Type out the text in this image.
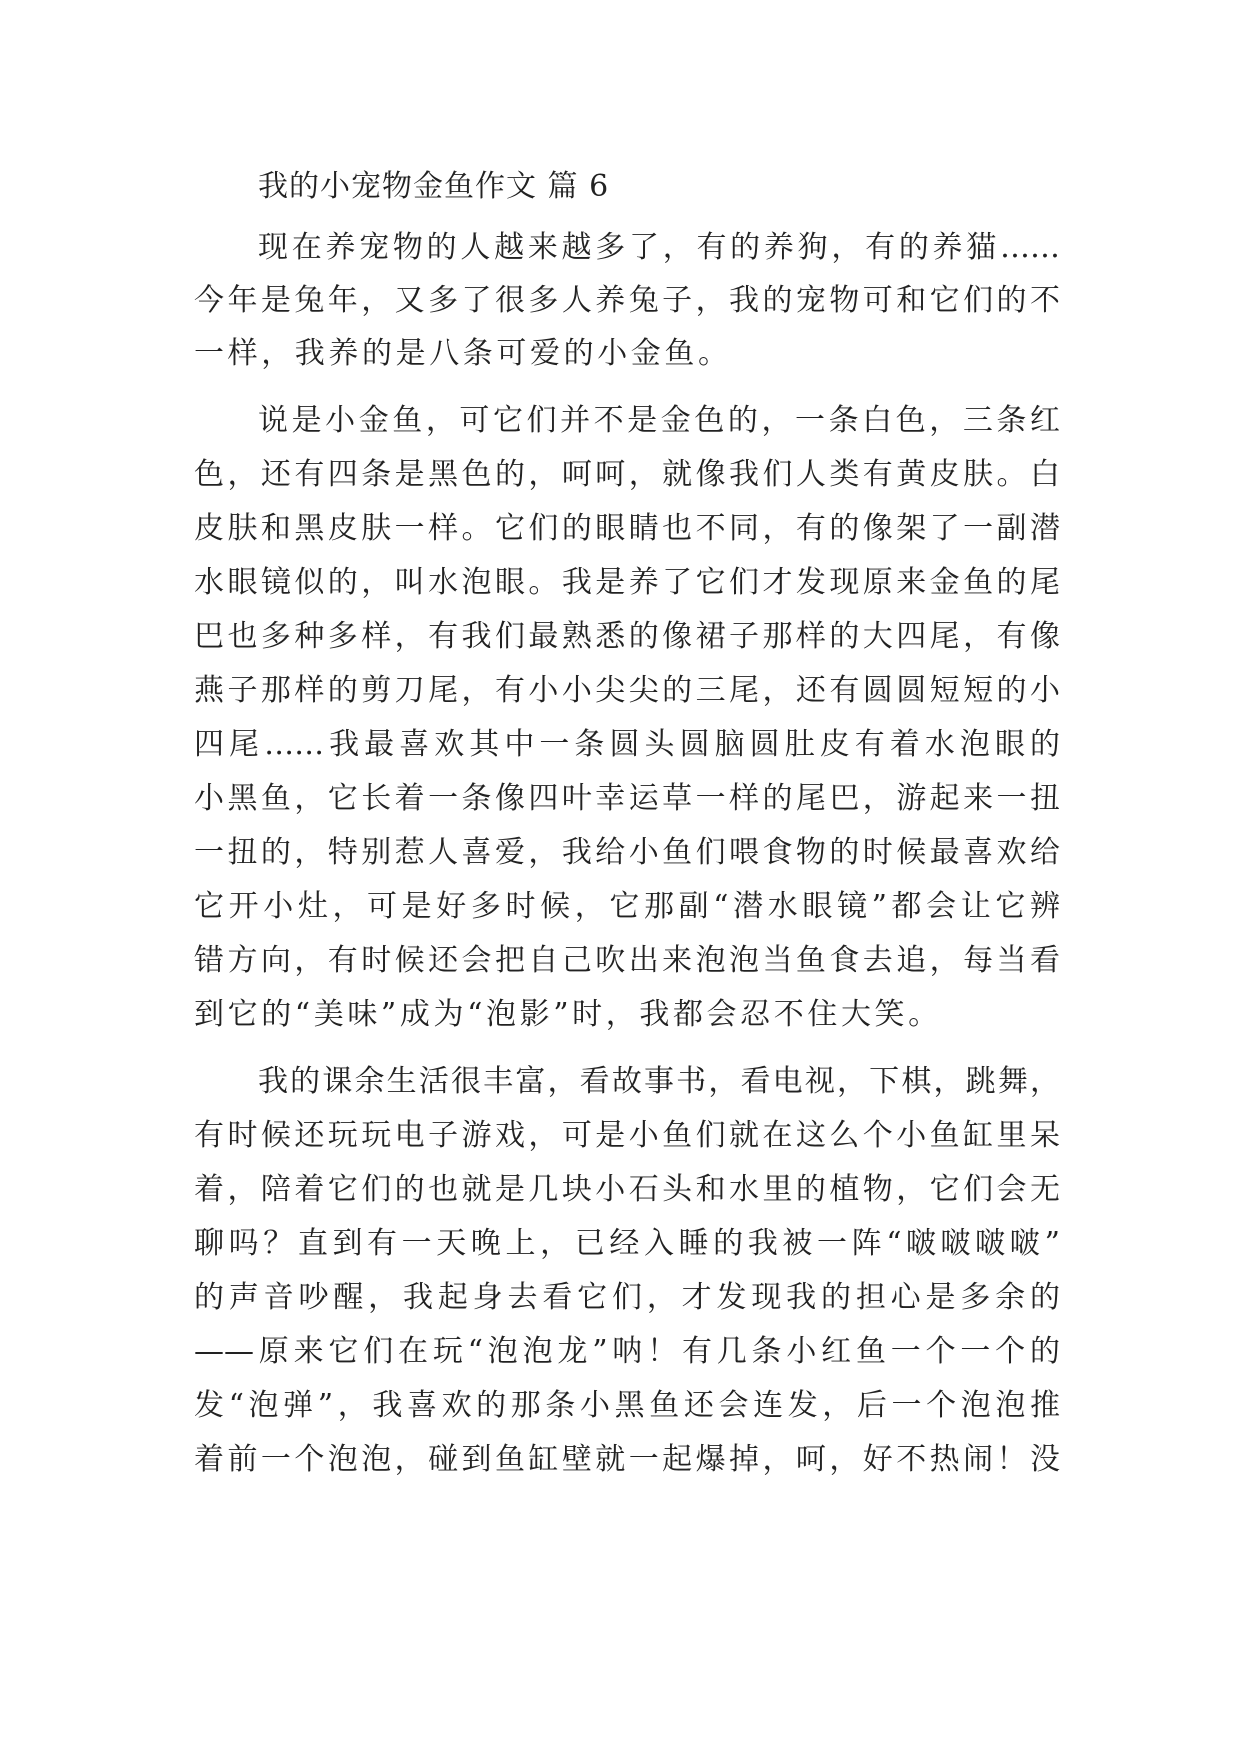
我的小宠物金鱼作文 篇 6
现在养宠物的人越来越多了，有的养狗，有的养猫……
今年是兔年，又多了很多人养兔子，我的宠物可和它们的不
一样，我养的是八条可爱的小金鱼。
说是小金鱼，可它们并不是金色的，一条白色，三条红
色，还有四条是黑色的，呵呵，就像我们人类有黄皮肤。白
皮肤和黑皮肤一样。它们的眼睛也不同，有的像架了一副潜
水眼镜似的，叫水泡眼。我是养了它们才发现原来金鱼的尾
巴也多种多样，有我们最熟悉的像裙子那样的大四尾，有像
燕子那样的剪刀尾，有小小尖尖的三尾，还有圆圆短短的小
四尾……我最喜欢其中一条圆头圆脑圆肚皮有着水泡眼的
小黑鱼，它长着一条像四叶幸运草一样的尾巴，游起来一扭
一扭的，特别惹人喜爱，我给小鱼们喂食物的时候最喜欢给
它开小灶，可是好多时候，它那副“潜水眼镜”都会让它辨
错方向，有时候还会把自己吹出来泡泡当鱼食去追，每当看
到它的“美味”成为“泡影”时，我都会忍不住大笑。
我的课余生活很丰富，看故事书，看电视，下棋，跳舞，
有时候还玩玩电子游戏，可是小鱼们就在这么个小鱼缸里呆
着，陪着它们的也就是几块小石头和水里的植物，它们会无
聊吗？直到有一天晚上，已经入睡的我被一阵“啵啵啵啵”
的声音吵醒，我起身去看它们，才发现我的担心是多余的
——原来它们在玩“泡泡龙”呐！有几条小红鱼一个一个的
发“泡弹”，我喜欢的那条小黑鱼还会连发，后一个泡泡推
着前一个泡泡，碰到鱼缸壁就一起爆掉，呵，好不热闹！没
